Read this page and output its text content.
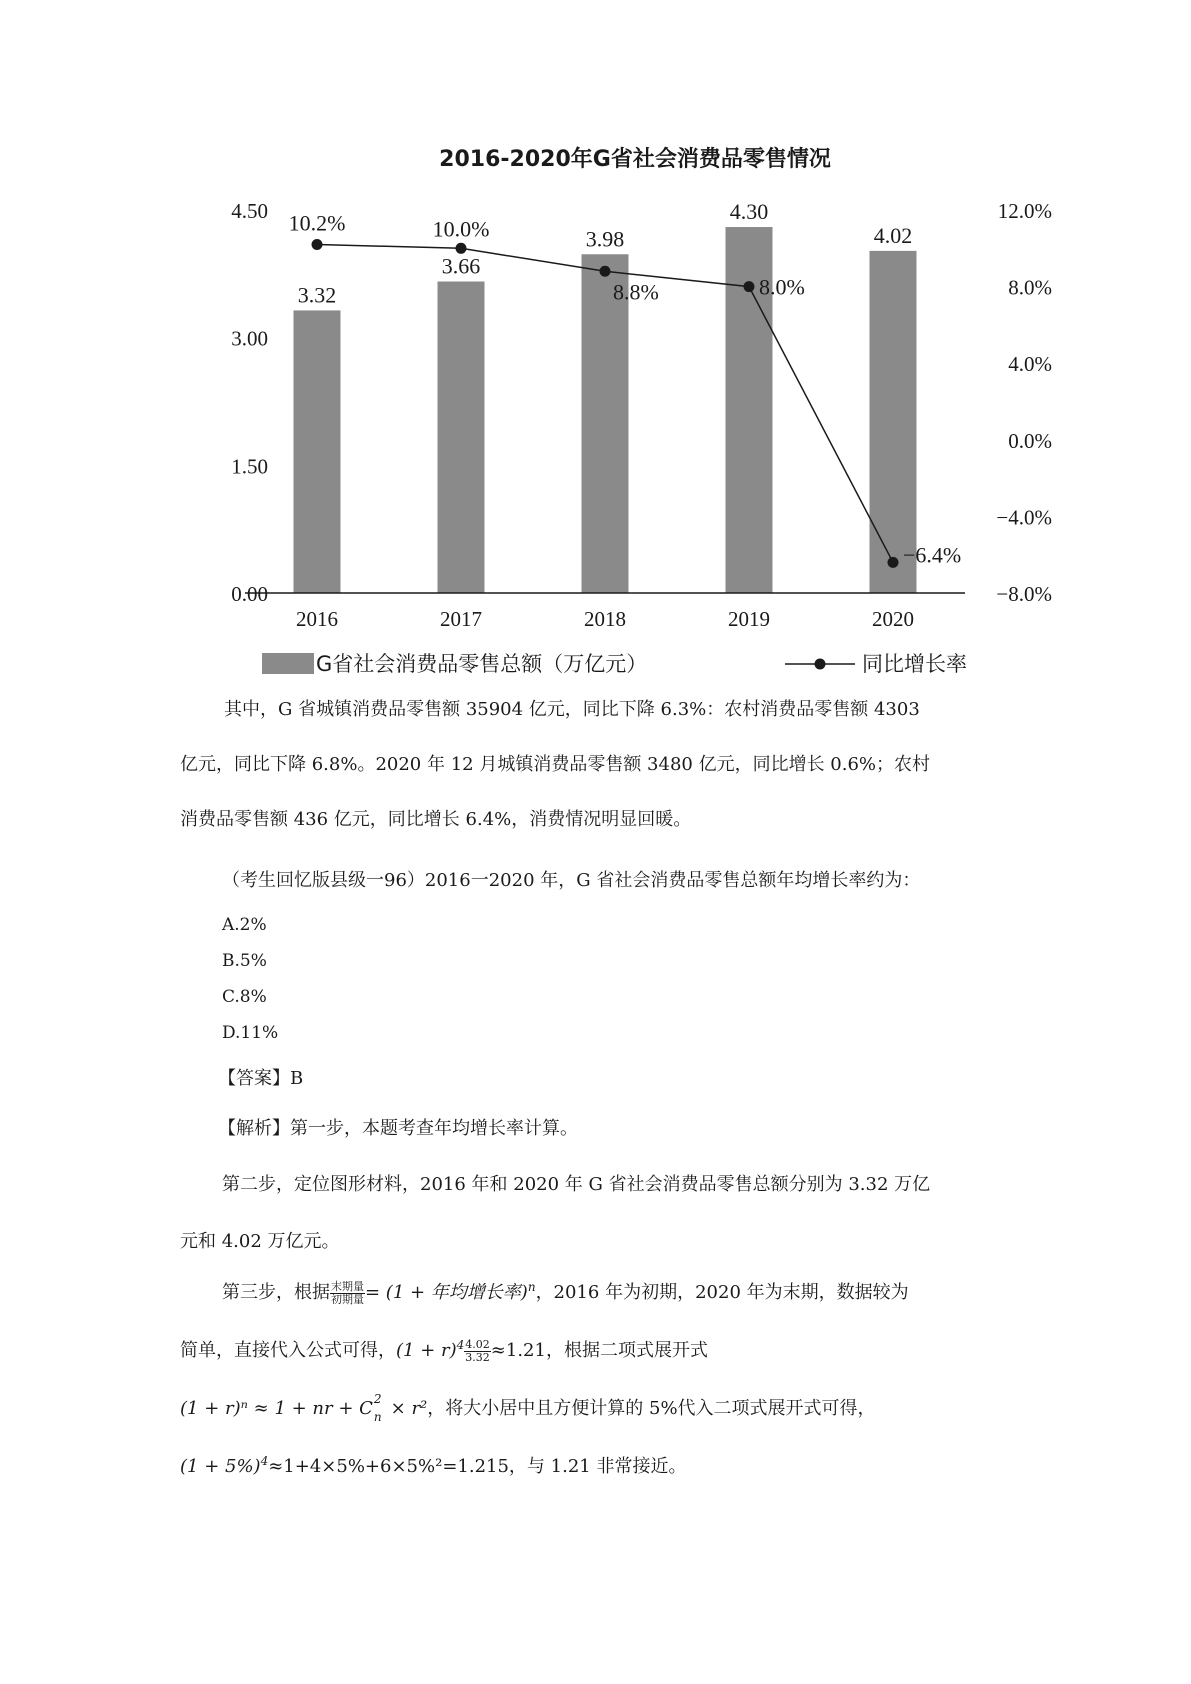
2016-2020年G省社会消费品零售情况
0.00
1.50
3.00
4.50
−8.0%
−4.0%
0.0%
4.0%
8.0%
12.0%
3.32
3.66
3.98
4.30
4.02
2016	2017	2018	2019	2020
10.2%	10.0%
8.8%	8.0%
−6.4%
G省社会消费品零售总额（万亿元）	同比增长率
其中，G 省城镇消费品零售额 35904 亿元，同比下降 6.3%：农村消费品零售额 4303
亿元，同比下降 6.8%。2020 年 12 月城镇消费品零售额 3480 亿元，同比增长 0.6%；农村
消费品零售额 436 亿元，同比增长 6.4%，消费情况明显回暖。
（考生回忆版县级一96）2016一2020 年，G 省社会消费品零售总额年均增长率约为：
A.2%
B.5%
C.8%
D.11%
【答案】B
【解析】第一步，本题考查年均增长率计算。
第二步，定位图形材料，2016 年和 2020 年 G 省社会消费品零售总额分别为 3.32 万亿
元和 4.02 万亿元。
第三步，根据 $\frac{\text{末期量}}{\text{初期量}} = (1$ + 年均增长率)$^n$，2016 年为初期，2020 年为末期，数据较为
简单，直接代入公式可得，$(1 + r)^4 \frac{4.02}{3.32} \approx 1.21$，根据二项式展开式
(1 + r)ⁿ ≈ 1 + nr + C 2
n × r²，将大小居中且方便计算的 5%代入二项式展开式可得，
$(1 + 5\%)^4\approx 1+4\times 5\%+6\times 5\%^2=1.215$，与 1.21 非常接近。
